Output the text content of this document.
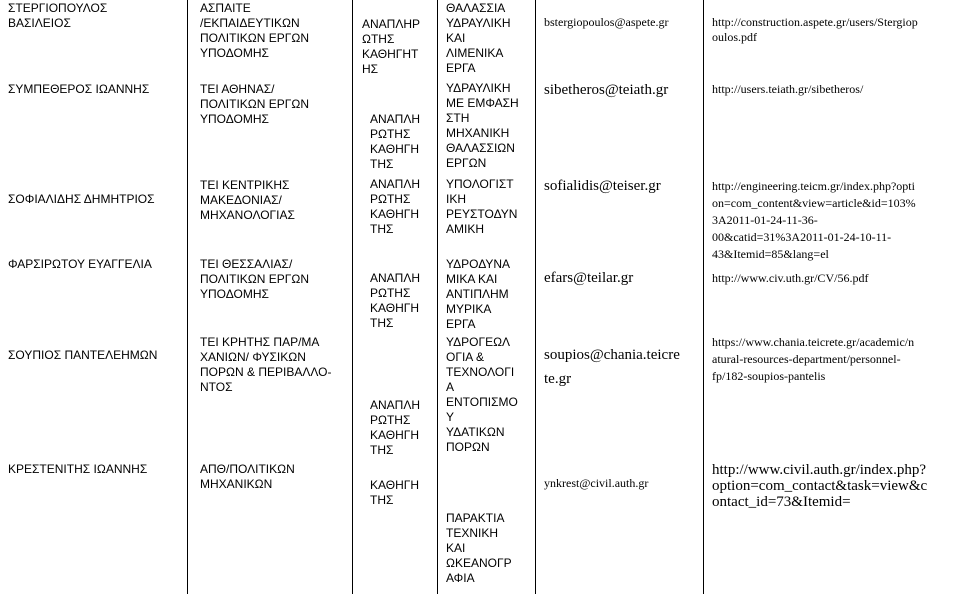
ΣΤΕΡΓΙΟΠΟΥΛΟΣ
ΒΑΣΙΛΕΙΟΣ
ΣΥΜΠΕΘΕΡΟΣ ΙΩΑΝΝΗΣ
ΣΟΦΙΑΛΙΔΗΣ ΔΗΜΗΤΡΙΟΣ
ΦΑΡΣΙΡΩΤΟΥ ΕΥΑΓΓΕΛΙΑ
ΣΟΥΠΙΟΣ ΠΑΝΤΕΛΕΗΜΩΝ
ΚΡΕΣΤΕΝΙΤΗΣ ΙΩΑΝΝΗΣ
ΑΣΠΑΙΤΕ
/ΕΚΠΑΙΔΕΥΤΙΚΩΝ
ΠΟΛΙΤΙΚΩΝ ΕΡΓΩΝ
ΥΠΟΔΟΜΗΣ
ΤΕΙ ΑΘΗΝΑΣ/
ΠΟΛΙΤΙΚΩΝ ΕΡΓΩΝ
ΥΠΟΔΟΜΗΣ
ΤΕΙ ΚΕΝΤΡΙΚΗΣ
ΜΑΚΕΔΟΝΙΑΣ/
ΜΗΧΑΝΟΛΟΓΙΑΣ
ΤΕΙ ΘΕΣΣΑΛΙΑΣ/
ΠΟΛΙΤΙΚΩΝ ΕΡΓΩΝ
ΥΠΟΔΟΜΗΣ
ΤΕΙ ΚΡΗΤΗΣ ΠΑΡ/ΜΑ
ΧΑΝΙΩΝ/ ΦΥΣΙΚΩΝ
ΠΟΡΩΝ & ΠΕΡΙΒΑΛΛΟ-
ΝΤΟΣ
ΑΠΘ/ΠΟΛΙΤΙΚΩΝ
ΜΗΧΑΝΙΚΩΝ
ΑΝΑΠΛΗΡ
ΩΤΗΣ
ΚΑΘΗΓΗΤ
ΗΣ
ΑΝΑΠΛΗ
ΡΩΤΗΣ
ΚΑΘΗΓΗ
ΤΗΣ
ΑΝΑΠΛΗ
ΡΩΤΗΣ
ΚΑΘΗΓΗ
ΤΗΣ
ΑΝΑΠΛΗ
ΡΩΤΗΣ
ΚΑΘΗΓΗ
ΤΗΣ
ΑΝΑΠΛΗ
ΡΩΤΗΣ
ΚΑΘΗΓΗ
ΤΗΣ
ΚΑΘΗΓΗ
ΤΗΣ
ΘΑΛΑΣΣΙΑ
ΥΔΡΑΥΛΙΚΗ
ΚΑΙ
ΛΙΜΕΝΙΚΑ
ΕΡΓΑ
ΥΔΡΑΥΛΙΚΗ
ΜΕ ΕΜΦΑΣΗ
ΣΤΗ
ΜΗΧΑΝΙΚΗ
ΘΑΛΑΣΣΙΩΝ
ΕΡΓΩΝ
ΥΠΟΛΟΓΙΣΤ
ΙΚΗ
ΡΕΥΣΤΟΔΥΝ
ΑΜΙΚΗ
ΥΔΡΟΔΥΝΑ
ΜΙΚΑ ΚΑΙ
ΑΝΤΙΠΛΗΜ
ΜΥΡΙΚΑ
ΕΡΓΑ
ΥΔΡΟΓΕΩΛ
ΟΓΙΑ &
ΤΕΧΝΟΛΟΓΙ
Α
ΕΝΤΟΠΙΣΜΟ
Υ
ΥΔΑΤΙΚΩΝ
ΠΟΡΩΝ
ΠΑΡΑΚΤΙΑ
ΤΕΧΝΙΚΗ
ΚΑΙ
ΩΚΕΑΝΟΓΡ
ΑΦΙΑ
bstergiopoulos@aspete.gr
sibetheros@teiath.gr
sofialidis@teiser.gr
efars@teilar.gr
soupios@chania.teicre
te.gr
ynkrest@civil.auth.gr
http://construction.aspete.gr/users/Stergiop
oulos.pdf
http://users.teiath.gr/sibetheros/
http://engineering.teicm.gr/index.php?opti
on=com_content&view=article&id=103%
3A2011-01-24-11-36-
00&catid=31%3A2011-01-24-10-11-
43&Itemid=85&lang=el
http://www.civ.uth.gr/CV/56.pdf
https://www.chania.teicrete.gr/academic/n
atural-resources-department/personnel-
fp/182-soupios-pantelis
http://www.civil.auth.gr/index.php?
option=com_contact&task=view&c
ontact_id=73&Itemid=
